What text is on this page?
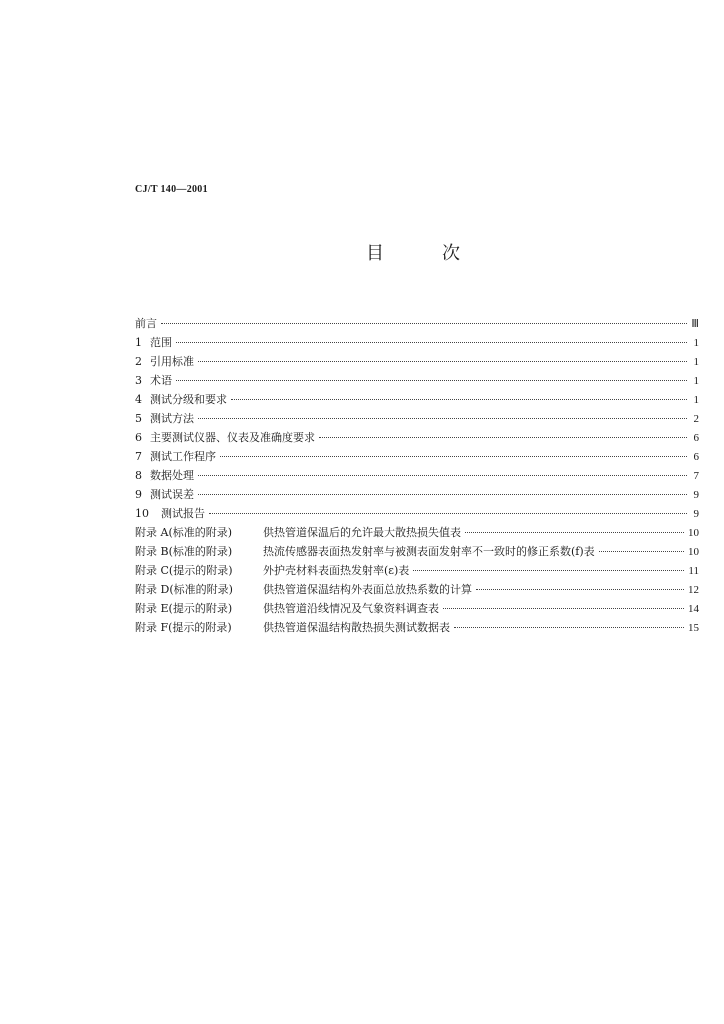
CJ/T 140—2001
目	次
前言	Ⅲ
1 范围	1
2 引用标准	1
3 术语	1
4 测试分级和要求	1
5 测试方法	2
6 主要测试仪器、仪表及准确度要求	6
7 测试工作程序	6
8 数据处理	7
9 测试误差	9
10 测试报告	9
附录 A(标准的附录)	供热管道保温后的允许最大散热损失值表	10
附录 B(标准的附录)	热流传感器表面热发射率与被测表面发射率不一致时的修正系数(f)表	10
附录 C(提示的附录)	外护壳材料表面热发射率(ε)表	11
附录 D(标准的附录)	供热管道保温结构外表面总放热系数的计算	12
附录 E(提示的附录)	供热管道沿线情况及气象资料调查表	14
附录 F(提示的附录)	供热管道保温结构散热损失测试数据表	15
